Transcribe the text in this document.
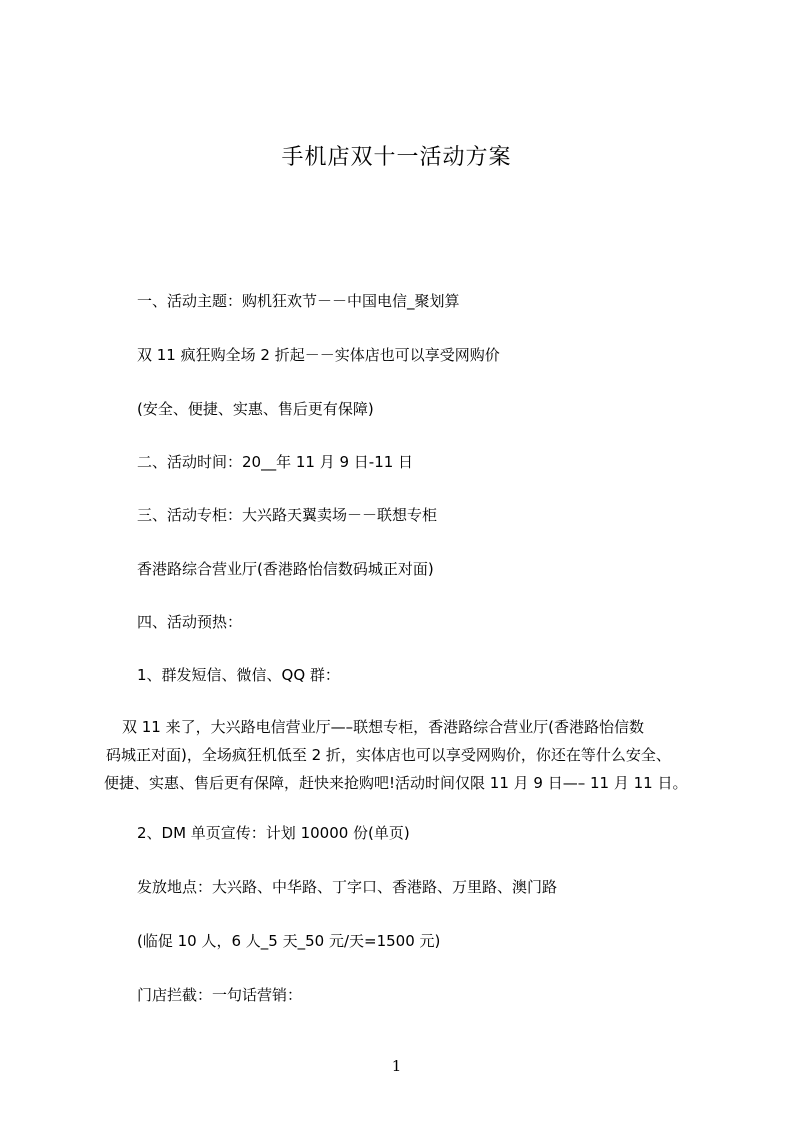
手机店双十一活动方案

一、活动主题：购机狂欢节－－中国电信_聚划算

双 11 疯狂购全场 2 折起－－实体店也可以享受网购价

(安全、便捷、实惠、售后更有保障)

二、活动时间：20__年 11 月 9 日-11 日

三、活动专柜：大兴路天翼卖场－－联想专柜

香港路综合营业厅(香港路怡信数码城正对面)

四、活动预热：

1、群发短信、微信、QQ 群：

双 11 来了，大兴路电信营业厅—–联想专柜，香港路综合营业厅(香港路怡信数
码城正对面)，全场疯狂机低至 2 折，实体店也可以享受网购价，你还在等什么安全、
便捷、实惠、售后更有保障，赶快来抢购吧!活动时间仅限 11 月 9 日—– 11 月 11 日。

2、DM 单页宣传：计划 10000 份(单页)

发放地点：大兴路、中华路、丁字口、香港路、万里路、澳门路

(临促 10 人，6 人_5 天_50 元/天=1500 元)

门店拦截：一句话营销：

1
